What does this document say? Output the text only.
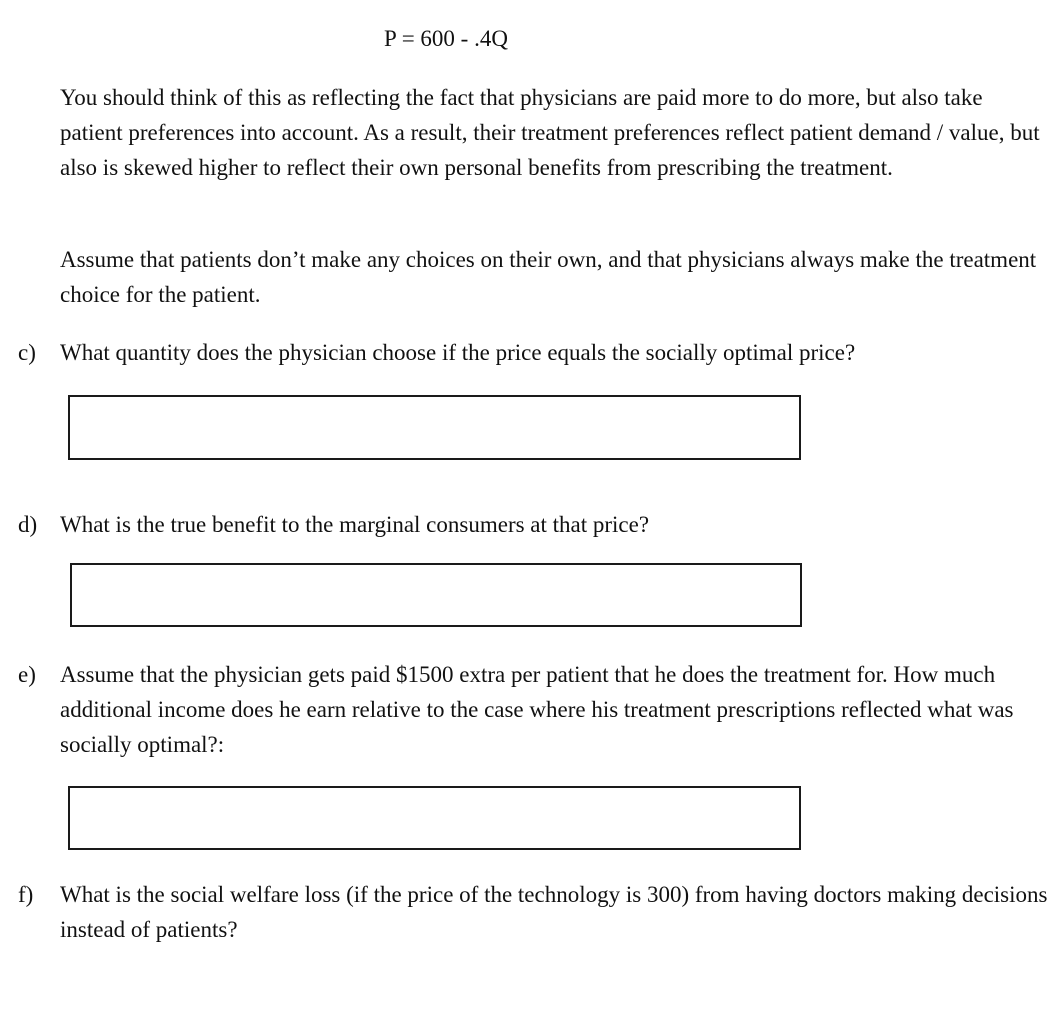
P = 600 - .4Q
You should think of this as reflecting the fact that physicians are paid more to do more, but also take patient preferences into account. As a result, their treatment preferences reflect patient demand / value, but also is skewed higher to reflect their own personal benefits from prescribing the treatment.
Assume that patients don’t make any choices on their own, and that physicians always make the treatment choice for the patient.
c)	What quantity does the physician choose if the price equals the socially optimal price?
d) What is the true benefit to the marginal consumers at that price?
e)	Assume that the physician gets paid $1500 extra per patient that he does the treatment for. How much additional income does he earn relative to the case where his treatment prescriptions reflected what was socially optimal?:
f)	What is the social welfare loss (if the price of the technology is 300) from having doctors making decisions instead of patients?
